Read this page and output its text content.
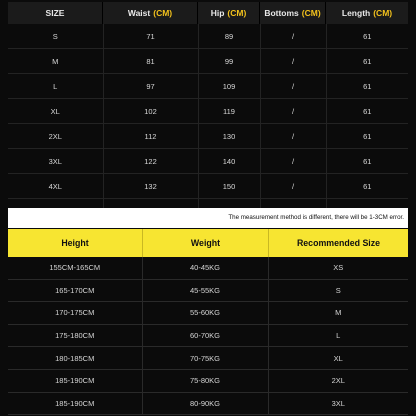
SIZE	Waist (CM)	Hip (CM)	Bottoms (CM)	Length (CM)
S	71	89	/	61
M	81	99	/	61
L	97	109	/	61
XL	102	119	/	61
2XL	112	130	/	61
3XL	122	140	/	61
4XL	132	150	/	61

The measurement method is different, there will be 1-3CM error.
Height	Weight	Recommended Size
155CM-165CM	40-45KG	XS
165-170CM	45-55KG	S
170-175CM	55-60KG	M
175-180CM	60-70KG	L
180-185CM	70-75KG	XL
185-190CM	75-80KG	2XL
185-190CM	80-90KG	3XL
